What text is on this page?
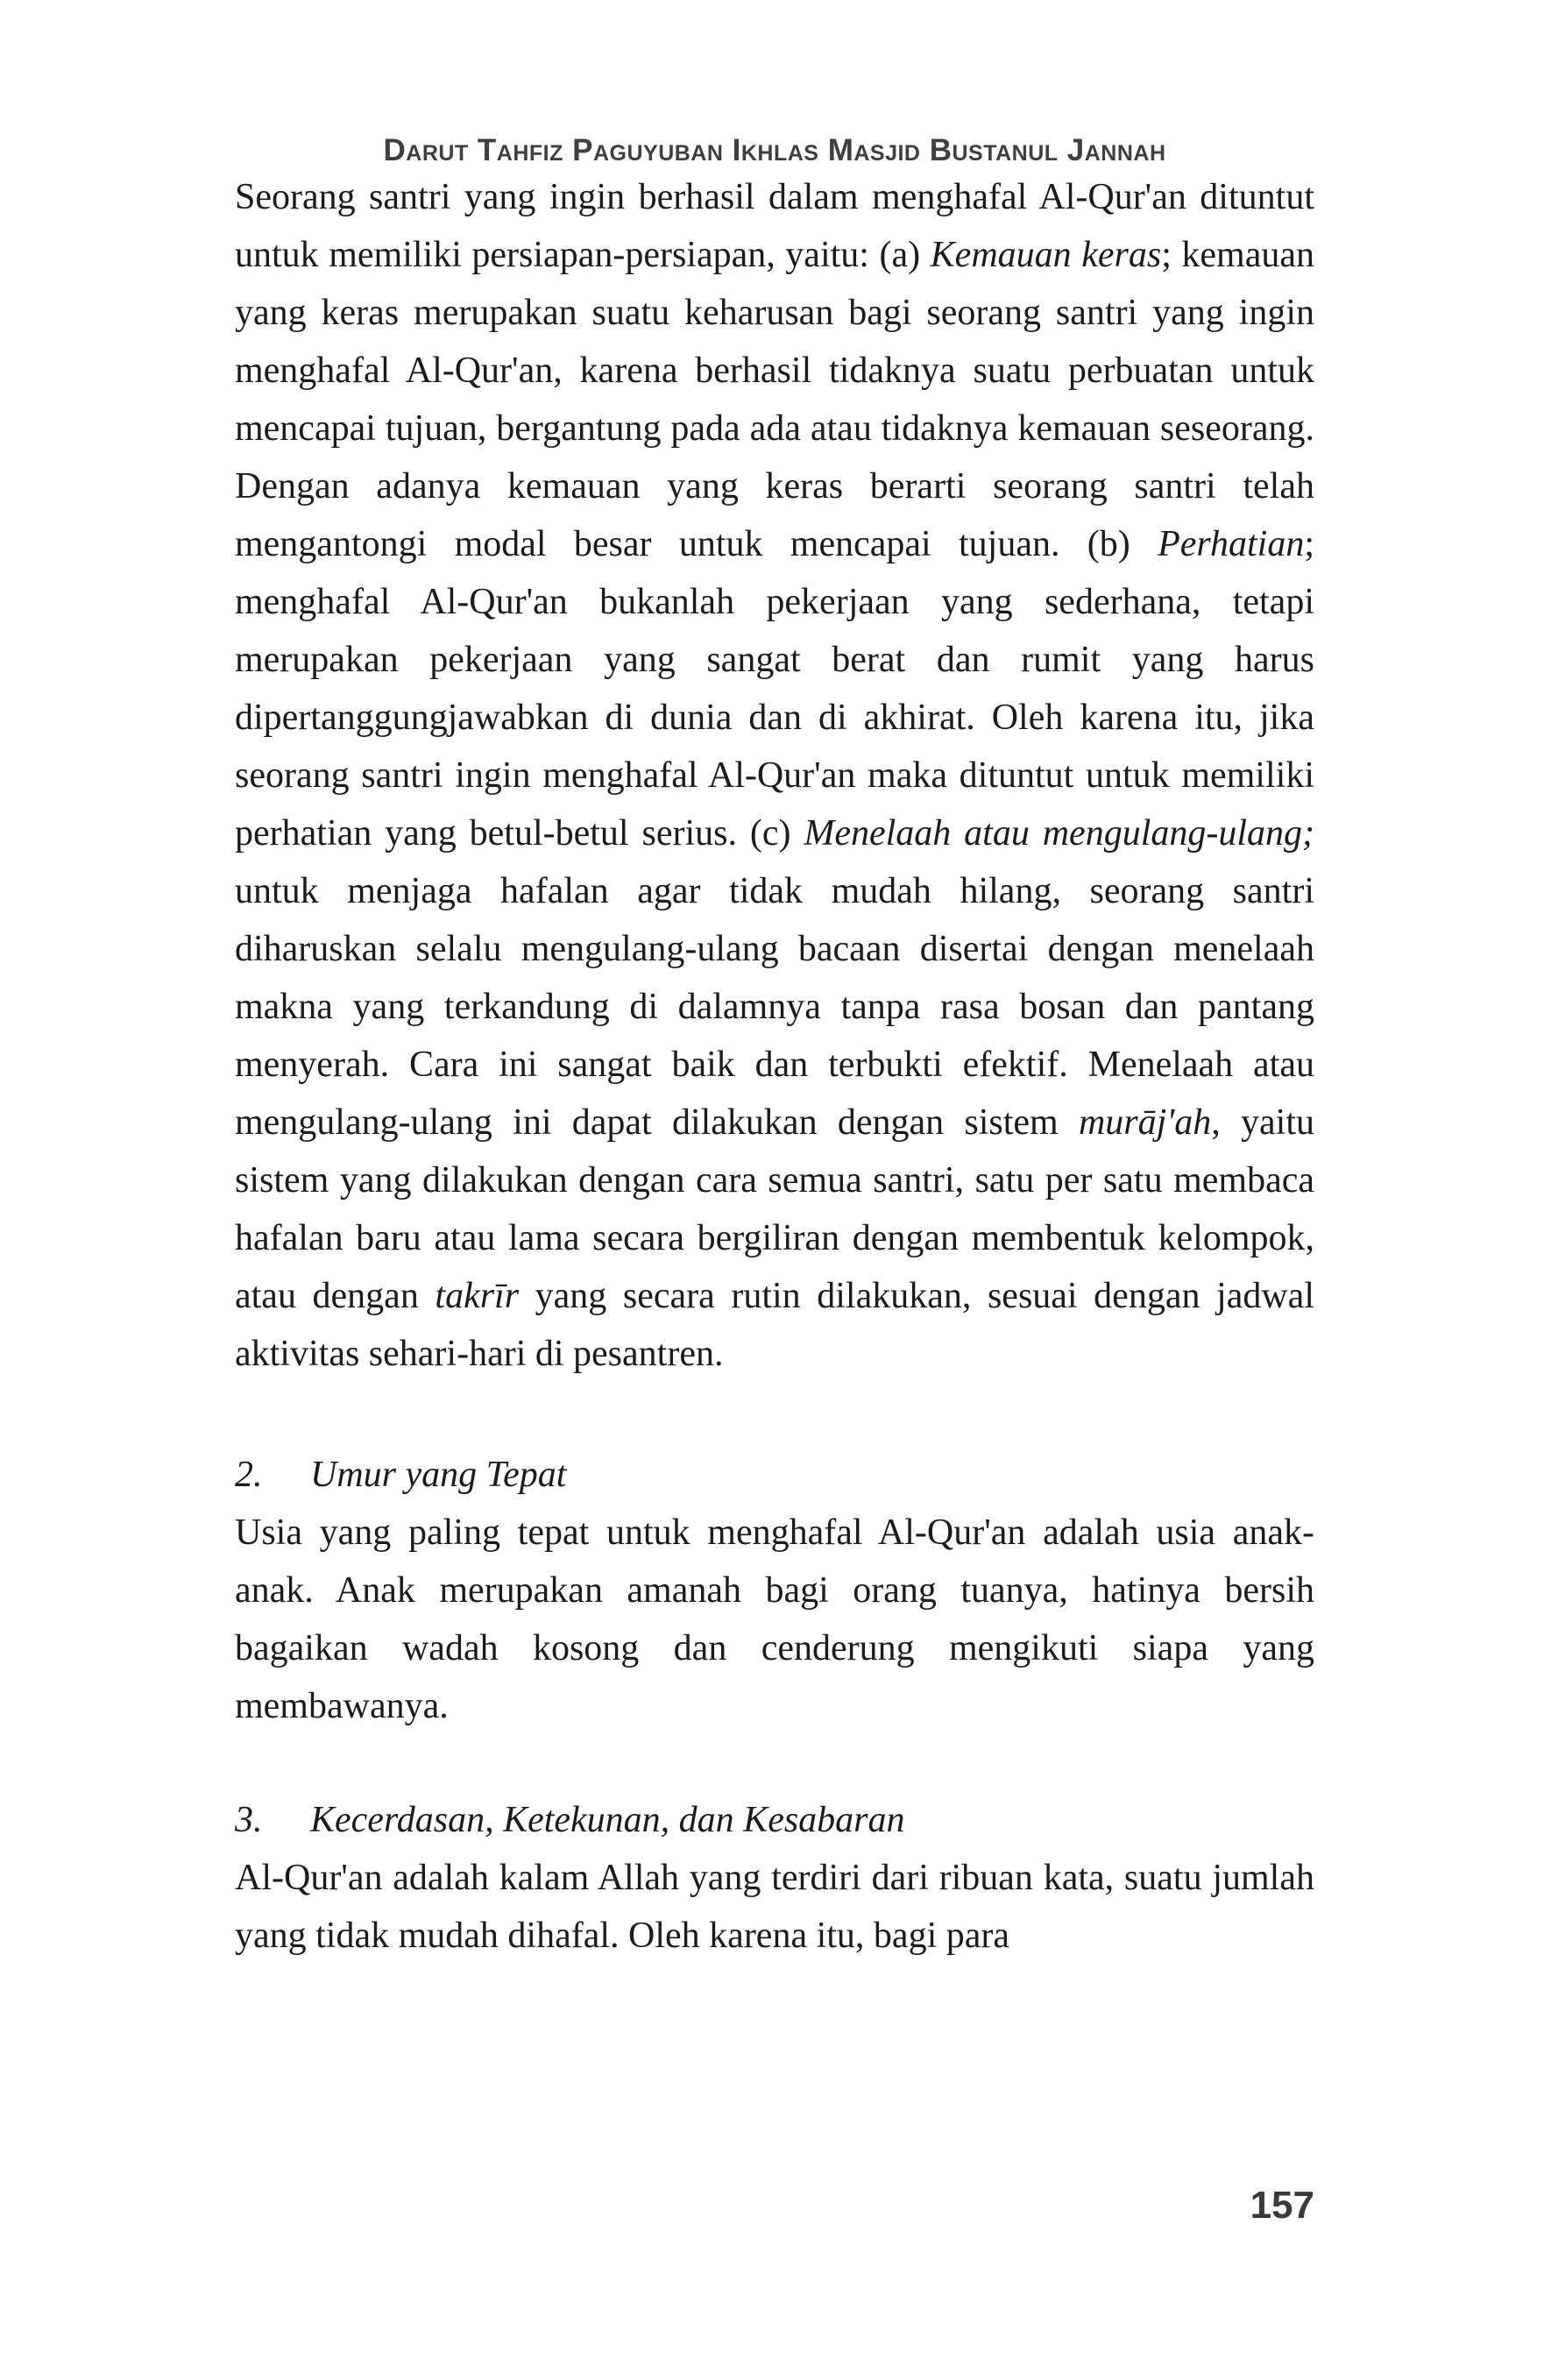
Darut Tahfiz Paguyuban Ikhlas Masjid Bustanul Jannah

Seorang santri yang ingin berhasil dalam menghafal Al-Qur'an dituntut untuk memiliki persiapan-persiapan, yaitu: (a) Kemauan keras; kemauan yang keras merupakan suatu keharusan bagi seorang santri yang ingin menghafal Al-Qur'an, karena berhasil tidaknya suatu perbuatan untuk mencapai tujuan, bergantung pada ada atau tidaknya kemauan seseorang. Dengan adanya kemauan yang keras berarti seorang santri telah mengantongi modal besar untuk mencapai tujuan. (b) Perhatian; menghafal Al-Qur'an bukanlah pekerjaan yang sederhana, tetapi merupakan pekerjaan yang sangat berat dan rumit yang harus dipertanggungjawabkan di dunia dan di akhirat. Oleh karena itu, jika seorang santri ingin menghafal Al-Qur'an maka dituntut untuk memiliki perhatian yang betul-betul serius. (c) Menelaah atau mengulang-ulang; untuk menjaga hafalan agar tidak mudah hilang, seorang santri diharuskan selalu mengulang-ulang bacaan disertai dengan menelaah makna yang terkandung di dalamnya tanpa rasa bosan dan pantang menyerah. Cara ini sangat baik dan terbukti efektif. Menelaah atau mengulang-ulang ini dapat dilakukan dengan sistem murāj'ah, yaitu sistem yang dilakukan dengan cara semua santri, satu per satu membaca hafalan baru atau lama secara bergiliran dengan membentuk kelompok, atau dengan takrīr yang secara rutin dilakukan, sesuai dengan jadwal aktivitas sehari-hari di pesantren.

2. Umur yang Tepat

Usia yang paling tepat untuk menghafal Al-Qur'an adalah usia anak-anak. Anak merupakan amanah bagi orang tuanya, hatinya bersih bagaikan wadah kosong dan cenderung mengikuti siapa yang membawanya.

3. Kecerdasan, Ketekunan, dan Kesabaran

Al-Qur'an adalah kalam Allah yang terdiri dari ribuan kata, suatu jumlah yang tidak mudah dihafal. Oleh karena itu, bagi para

157
